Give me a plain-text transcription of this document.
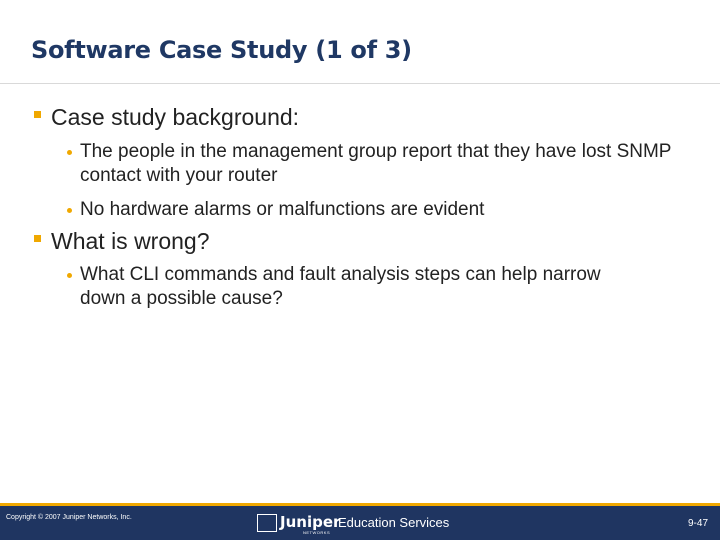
Software Case Study (1 of 3)
Case study background:
The people in the management group report that they have lost SNMP contact with your router
No hardware alarms or malfunctions are evident
What is wrong?
What CLI commands and fault analysis steps can help narrow down a possible cause?
Copyright © 2007 Juniper Networks, Inc.	Juniper
NETWORKS
Education Services	9-47
